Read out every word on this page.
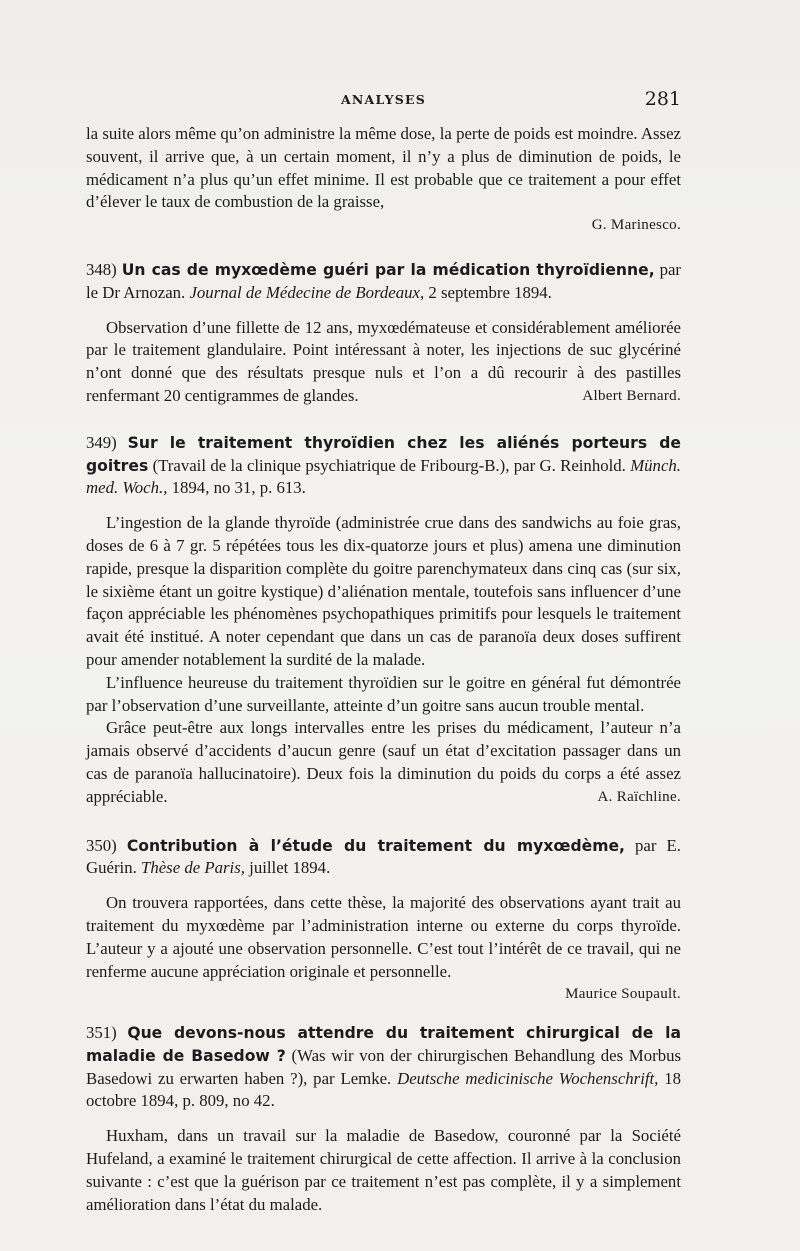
ANALYSES	281

la suite alors même qu’on administre la même dose, la perte de poids est moindre. Assez souvent, il arrive que, à un certain moment, il n’y a plus de diminution de poids, le médicament n’a plus qu’un effet minime. Il est probable que ce traitement a pour effet d’élever le taux de combustion de la graisse,

G. Marinesco.

348) Un cas de myxœdème guéri par la médication thyroïdienne, par le Dr Arnozan. Journal de Médecine de Bordeaux, 2 septembre 1894.

Observation d’une fillette de 12 ans, myxœdémateuse et considérablement améliorée par le traitement glandulaire. Point intéressant à noter, les injections de suc glycériné n’ont donné que des résultats presque nuls et l’on a dû recourir à des pastilles renfermant 20 centigrammes de glandes.	Albert Bernard.

349) Sur le traitement thyroïdien chez les aliénés porteurs de goitres (Travail de la clinique psychiatrique de Fribourg-B.), par G. Reinhold. Münch. med. Woch., 1894, no 31, p. 613.

L’ingestion de la glande thyroïde (administrée crue dans des sandwichs au foie gras, doses de 6 à 7 gr. 5 répétées tous les dix-quatorze jours et plus) amena une diminution rapide, presque la disparition complète du goitre parenchymateux dans cinq cas (sur six, le sixième étant un goitre kystique) d’aliénation mentale, toutefois sans influencer d’une façon appréciable les phénomènes psychopathiques primitifs pour lesquels le traitement avait été institué. A noter cependant que dans un cas de paranoïa deux doses suffirent pour amender notablement la surdité de la malade.

L’influence heureuse du traitement thyroïdien sur le goitre en général fut démontrée par l’observation d’une surveillante, atteinte d’un goitre sans aucun trouble mental.

Grâce peut-être aux longs intervalles entre les prises du médicament, l’auteur n’a jamais observé d’accidents d’aucun genre (sauf un état d’excitation passager dans un cas de paranoïa hallucinatoire). Deux fois la diminution du poids du corps a été assez appréciable.	A. Raïchline.

350) Contribution à l’étude du traitement du myxœdème, par E. Guérin. Thèse de Paris, juillet 1894.

On trouvera rapportées, dans cette thèse, la majorité des observations ayant trait au traitement du myxœdème par l’administration interne ou externe du corps thyroïde. L’auteur y a ajouté une observation personnelle. C’est tout l’intérêt de ce travail, qui ne renferme aucune appréciation originale et personnelle.

Maurice Soupault.

351) Que devons-nous attendre du traitement chirurgical de la maladie de Basedow ? (Was wir von der chirurgischen Behandlung des Morbus Basedowi zu erwarten haben ?), par Lemke. Deutsche medicinische Wochenschrift, 18 octobre 1894, p. 809, no 42.

Huxham, dans un travail sur la maladie de Basedow, couronné par la Société Hufeland, a examiné le traitement chirurgical de cette affection. Il arrive à la conclusion suivante : c’est que la guérison par ce traitement n’est pas complète, il y a simplement amélioration dans l’état du malade.
